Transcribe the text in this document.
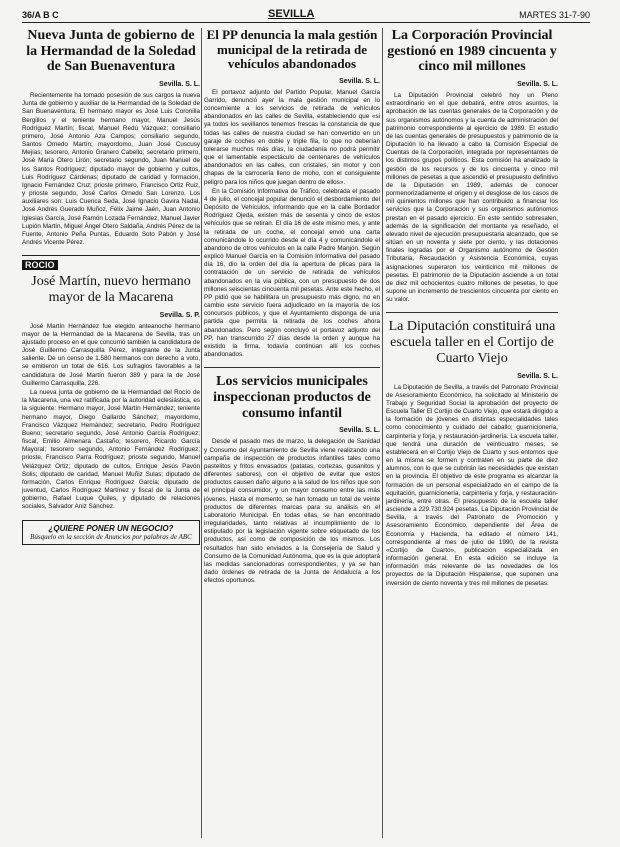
36/A B C	SEVILLA	MARTES 31-7-90
Nueva Junta de gobierno de la Hermandad de la Soledad de San Buenaventura
Sevilla. S. L.

Recientemente ha tomado posesión de sus cargos la nueva Junta de gobierno y auxiliar de la Hermandad de la Soledad de San Buenaventura. El hermano mayor es José Luis Coronilla Bergillos y el teniente hermano mayor, Manuel Jesús Rodríguez Martín; fiscal, Manuel Redú Vázquez; consiliario primero, José Antonio Aza Campos; consiliario segundo, Santos Ornedo Martín; mayordomo, Juan José Cuscusy Mejías; tesorero, Antonio Granero Cabello; secretario primero, José María Otero Lirón; secretario segundo, Juan Manuel de los Santos Rodríguez; diputado mayor de gobierno y cultos, Luis Rodríguez Cárdenas; diputado de caridad y formación, Ignacio Fernández Cruz; prioste primero, Francisco Ortiz Ruiz, y prioste segundo, José Carlos Ornedo San Lorenzo. Los auxiliares son: Luis Cuenca Seda, José Ignacio Gavira Nadal, José Andrés Guerado Muñoz, Félix Jaime Jaén, Juan Antonio Iglesias García, José Ramón Lozada Fernández, Manuel Javier Lupión Martín, Miguel Ángel Otero Saldaña, Andrés Pérez de la Fuente, Antonio Peña Puntas, Eduardo Soto Pabón y José Andrés Vicente Pérez.

ROCIO
José Martín, nuevo hermano mayor de la Macarena
Sevilla. S. P.

José Martín Hernández fue elegido anteanoche hermano mayor de la Hermandad de la Macarena de Sevilla, tras un ajustado proceso en el que concurrió también la candidatura de José Guillermo Carrasquilla Pérez, integrante de la Junta saliente. De un censo de 1.580 hermanos con derecho a voto, se emitieron un total de 616. Los sufragios favorables a la candidatura de José Martín fueron 389 y para la de José Guillermo Carrasquilla, 226.

La nueva junta de gobierno de la Hermandad del Rocío de la Macarena, una vez ratificada por la autoridad eclesiástica, es la siguiente: Hermano mayor, José Martín Hernández; teniente hermano mayor, Diego Gallardo Sánchez; mayordomo, Francisco Vázquez Hernández; secretario, Pedro Rodríguez Bueno; secretario segundo, José Antonio García Rodríguez; fiscal, Emilio Almenara Castaño; tesorero, Ricardo García Mayoral; tesorero segundo, Antonio Fernández Rodríguez; prioste, Francisco Parra Rodríguez; prioste segundo, Manuel Velázquez Ortiz; diputado de cultos, Enrique Jesús Pavón Solis; diputado de caridad, Manuel Muñiz Sulas; diputado de formación, Carlos Enrique Rodríguez García; diputado de juventud, Carlos Rodríguez Martínez y fiscal de la Junta de gobierno, Rafael Luque Quiles, y diputado de relaciones sociales, Salvador Aniz Sánchez.

¿QUIERE PONER UN NEGOCIO?
Búsquelo en la sección de Anuncios por palabras de ABC
El PP denuncia la mala gestión municipal de la retirada de vehículos abandonados
Sevilla. S. L.

El portavoz adjunto del Partido Popular, Manuel García Garrido, denunció ayer la mala gestión municipal en lo concerniente a los servicios de retirada de vehículos abandonados en las calles de Sevilla, estableciendo que «si ya todos los sevillanos tenemos frescas la constancia de que todas las calles de nuestra ciudad se han convertido en un garaje de coches en doble y triple fila, lo que no deberían tolerarse muchos más días, la ciudadanía no podrá permitir que el lamentable espectáculo de centenares de vehículos abandonados en las calles, con cristales, sin motor y con chapas de la carrocería lleno de moho, con el consiguiente peligro para los niños que juegan dentro de ellos».

En la Comisión Informativa de Tráfico, celebrada el pasado 4 de julio, el concejal popular denunció el desbordamiento del Depósito de Vehículos, informando que en la calle Bordador Rodríguez Ojeda, existen más de sesenta y cinco de estos vehículos que se retiran. El día 16 de este mismo mes, y ante la retirada de un coche, el concejal envió una carta comunicándole lo ocurrido desde el día 4 y comunicándole el abandono de otros vehículos en la calle Padre Manjón. Según explicó Manuel García en la Comisión Informativa del pasado día 16, dio la orden del día la apertura de plicas para la contratación de un servicio de retirada de vehículos abandonados en la vía pública, con un presupuesto de dos millones seiscientas cincuenta mil pesetas. Ante este hecho, el PP pidió que se habilitara un presupuesto más digno, no en cambio este servicio fuera adjudicado en la mayoría de los concursos públicos, y que el Ayuntamiento disponga de una partida que permita la retirada de los coches ahora abandonados. Pero según concluyó el portavoz adjunto del PP, han transcurrido 27 días desde la orden y aunque ha existido la firma, todavía continúan allí los coches abandonados.

Los servicios municipales inspeccionan productos de consumo infantil
Sevilla. S. L.

Desde el pasado mes de marzo, la delegación de Sanidad y Consumo del Ayuntamiento de Sevilla viene realizando una campaña de inspección de productos infantiles tales como pastelitos y fritos envasados (patatas, cortezas, gusanitos y diferentes sabores), con el objetivo de evitar que estos productos causen daño alguno a la salud de los niños que son el principal consumidor, y un mayor consumo entre las más jóvenes. Hasta el momento, se han tomado un total de veinte productos de diferentes marcas para su análisis en el Laboratorio Municipal. En todas ellas, se han encontrado irregularidades, tanto relativas al incumplimiento de lo estipulado por la legislación vigente sobre etiquetado de los productos, así como de composición de los mismos. Los resultados han sido enviados a la Consejería de Salud y Consumo de la Comunidad Autónoma, que es la que adoptará las medidas sancionadoras correspondientes, y ya se han dado órdenes de retirada de la Junta de Andalucía a los efectos oportunos.

La Corporación Provincial gestionó en 1989 cincuenta y cinco mil millones
Sevilla. S. L.

La Diputación Provincial celebró hoy un Pleno extraordinario en el que debatirá, entre otros asuntos, la aprobación de las cuentas generales de la Corporación y de sus organismos autónomos y la cuenta de administración del patrimonio correspondiente al ejercicio de 1989. El estudio de las cuentas generales de presupuestos y patrimonio de la Diputación lo ha llevado a cabo la Comisión Especial de Cuentas de la Corporación, integrada por representantes de los distintos grupos políticos. Esta comisión ha analizado la gestión de los recursos y de los cincuenta y cinco mil millones de pesetas a que ascendió el presupuesto definitivo de la Diputación en 1989, además de conocer pormenorizadamente el origen y el desglose de los casos de mil quinientos millones que han contribuido a financiar los servicios que la Corporación y sus organismos autónomos prestan en el pasado ejercicio. En este sentido sobresalen, además de la significación del montante ya reseñado, el elevado nivel de ejecución presupuestaria alcanzado, que se sitúan en un noventa y siete por ciento, y las dotaciones finales logradas por el Organismo autónomo de Gestión Tributaria, Recaudación y Asistencia Económica, cuyas asignaciones superaron los veinticinco mil millones de pesetas. El patrimonio de la Diputación asciende a un total de diez mil ochocientos cuatro millones de pesetas, lo que supone un incremento de trescientos cincuenta por ciento en su valor.

La Diputación constituirá una escuela taller en el Cortijo de Cuarto Viejo
Sevilla. S. L.

La Diputación de Sevilla, a través del Patronato Provincial de Asesoramiento Económico, ha solicitado al Ministerio de Trabajo y Seguridad Social la aprobación del proyecto de Escuela Taller El Cortijo de Cuarto Viejo, que estará dirigido a la formación de jóvenes en distintas especialidades tales como conocimiento y cuidado del caballo; guarnicionería, carpintería y forja, y restauración-jardinería. La escuela taller, que tendrá una duración de veinticuatro meses, se establecerá en el Cortijo Viejo de Cuarto y sus entornos que en la misma se formen y contraten en su parte de diez alumnos, con lo que se cubrirán las necesidades que existan en la provincia. El objetivo de este programa es alcanzar la formación de un personal especializado en el campo de la equitación, guarnicionería, carpintería y forja, y restauración-jardinería, entre otras. El presupuesto de la escuela taller asciende a 229.730.924 pesetas. La Diputación Provincial de Sevilla, a través del Patronato de Promoción y Asesoramiento Económico, dependiente del Área de Economía y Hacienda, ha editado el número 141, correspondiente al mes de julio de 1990, de la revista «Cortijo de Cuarto», publicación especializada en información general. En esta edición se incluye la información más relevante de las novedades de los proyectos de la Diputación Hispalense, que suponen una inversión de ciento noventa y tres mil millones de pesetas.
